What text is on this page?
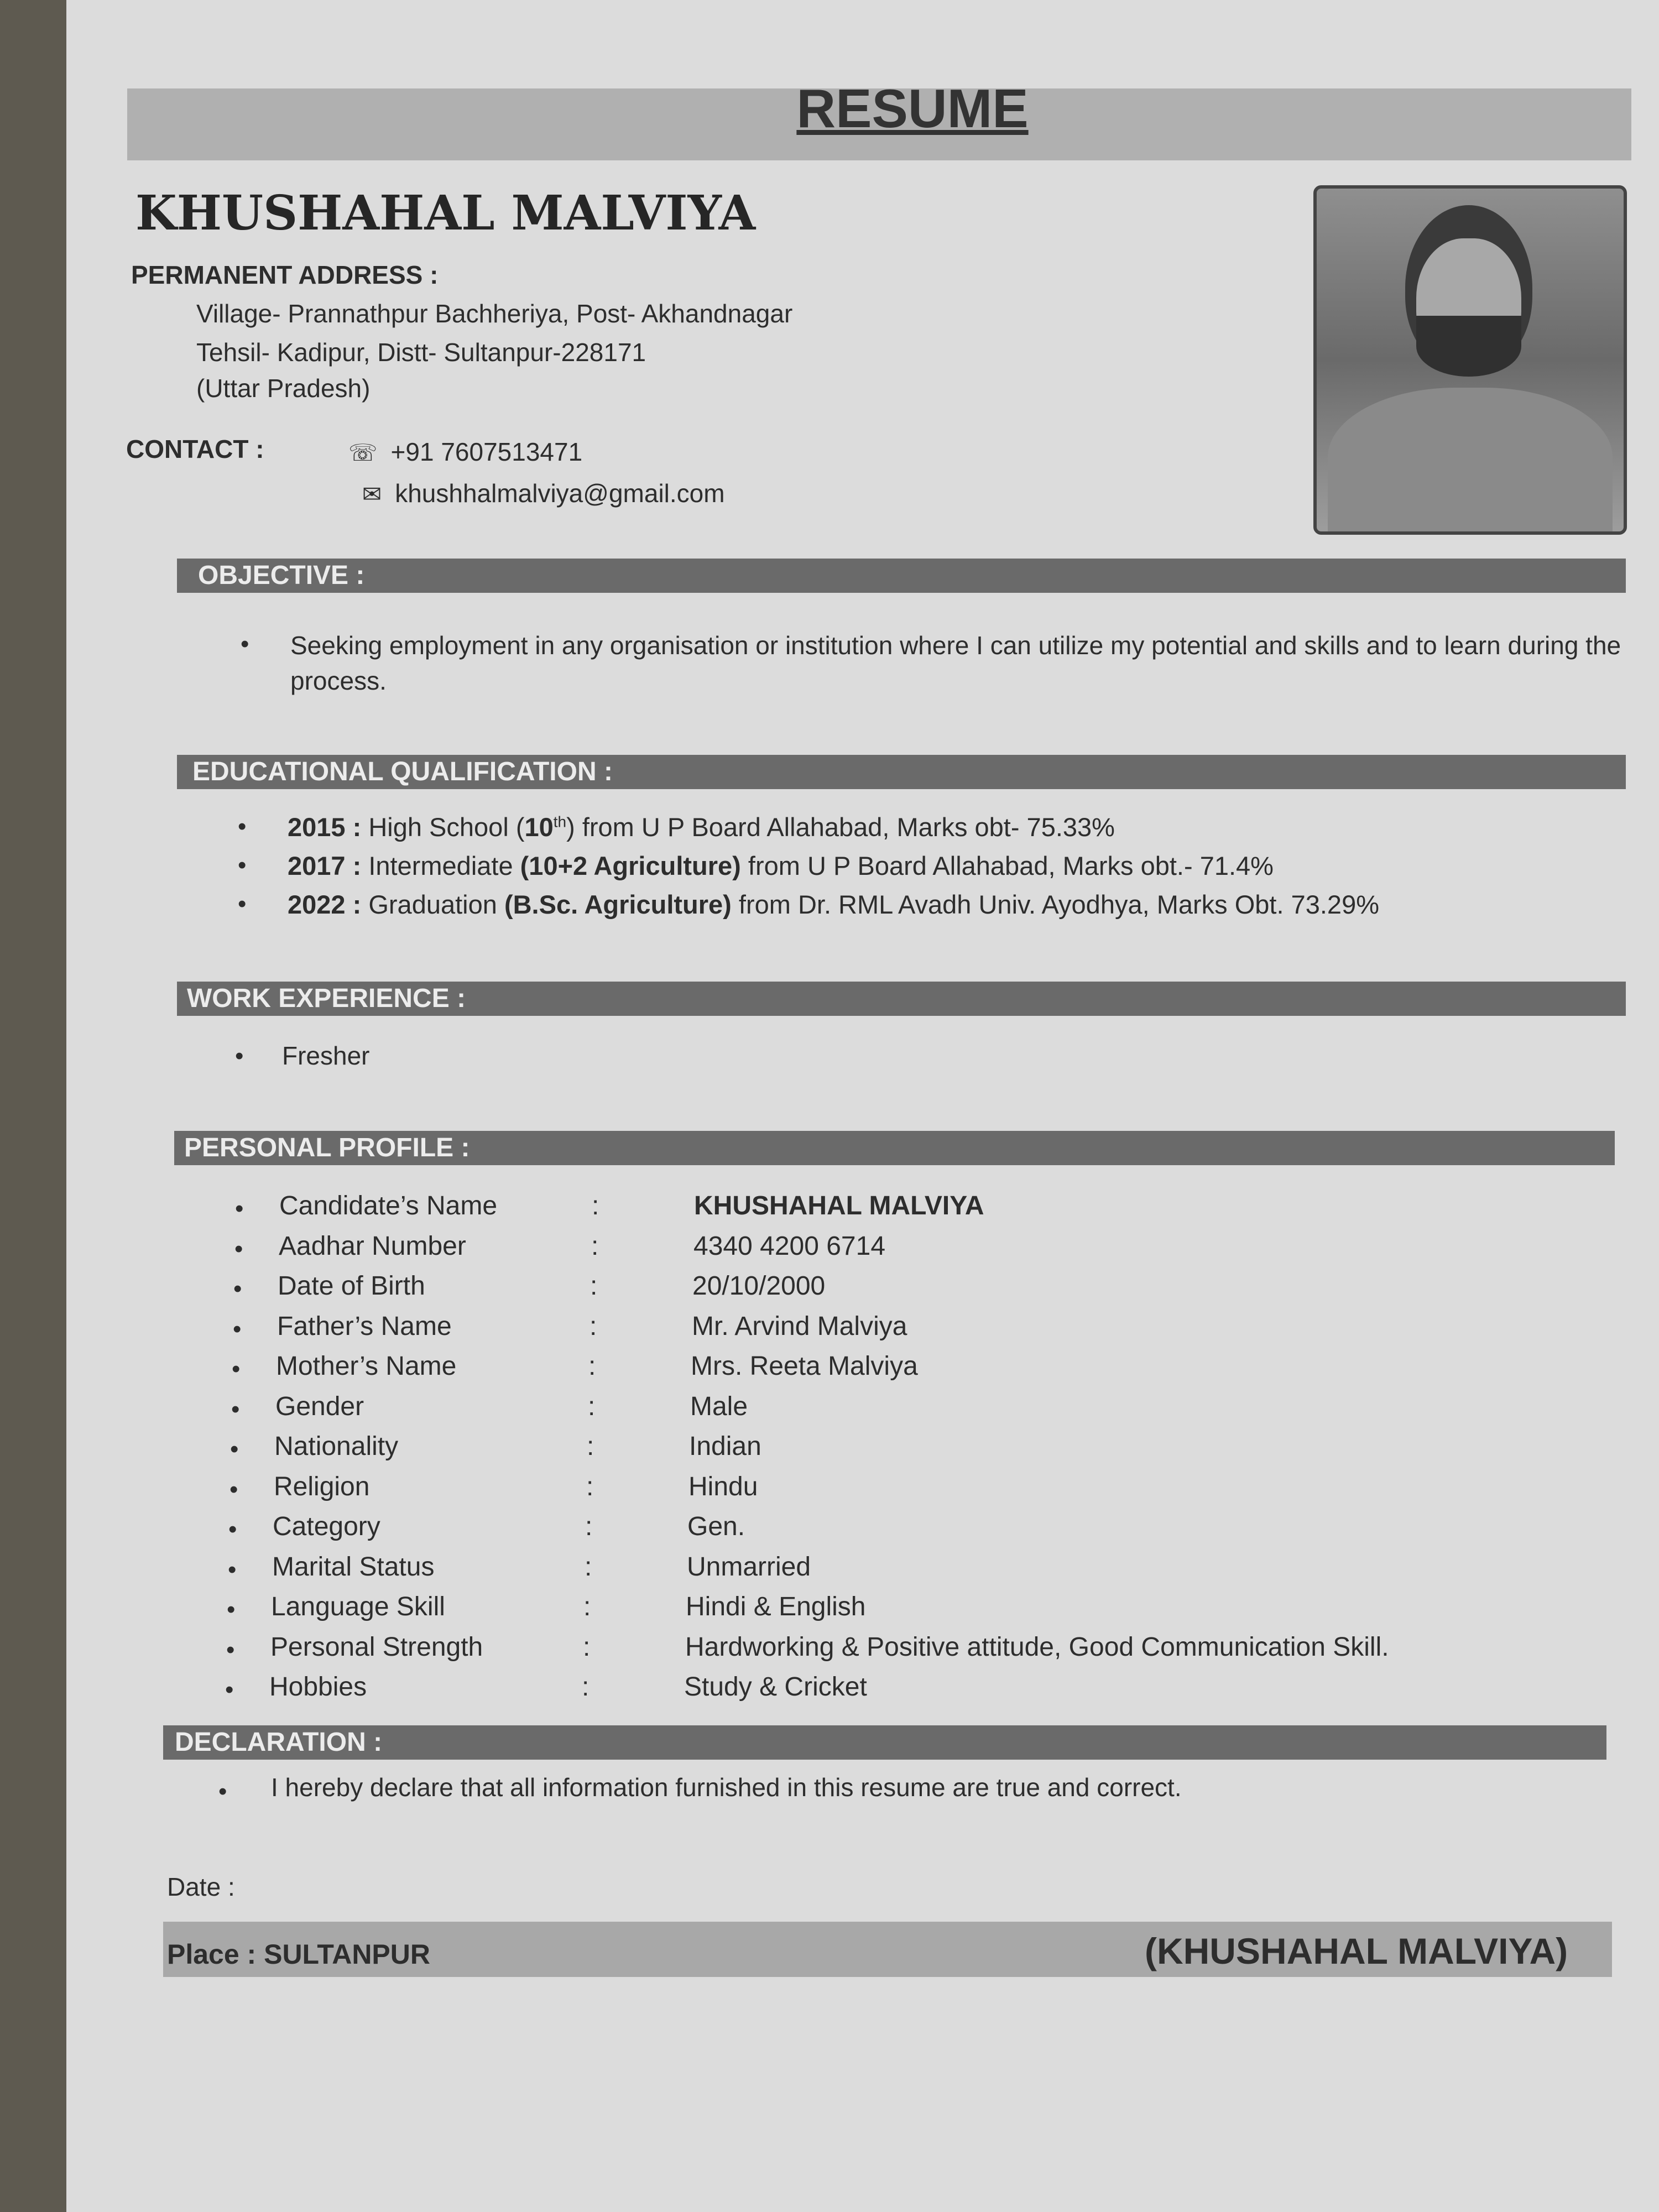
RESUME
KHUSHAHAL MALVIYA
PERMANENT ADDRESS :
Village- Prannathpur Bachheriya, Post- Akhandnagar
Tehsil- Kadipur, Distt- Sultanpur-228171
(Uttar Pradesh)
CONTACT :	☏ +91 7607513471
✉ khushhalmalviya@gmail.com
OBJECTIVE :
• Seeking employment in any organisation or institution where I can utilize my potential and skills and to learn during the process.
EDUCATIONAL QUALIFICATION :
• 2015 : High School (10th) from U P Board Allahabad, Marks obt- 75.33%
• 2017 : Intermediate (10+2 Agriculture) from U P Board Allahabad, Marks obt.- 71.4%
• 2022 : Graduation (B.Sc. Agriculture) from Dr. RML Avadh Univ. Ayodhya, Marks Obt. 73.29%
WORK EXPERIENCE :
• Fresher
PERSONAL PROFILE :
• Candidate’s Name	:	KHUSHAHAL MALVIYA
• Aadhar Number	:	4340 4200 6714
• Date of Birth	:	20/10/2000
• Father’s Name	:	Mr. Arvind Malviya
• Mother’s Name	:	Mrs. Reeta Malviya
• Gender	:	Male
• Nationality	:	Indian
• Religion	:	Hindu
• Category	:	Gen.
• Marital Status	:	Unmarried
• Language Skill	:	Hindi & English
• Personal Strength	:	Hardworking & Positive attitude, Good Communication Skill.
• Hobbies	:	Study & Cricket
DECLARATION :
• I hereby declare that all information furnished in this resume are true and correct.
Date :
Place : SULTANPUR	(KHUSHAHAL MALVIYA)
